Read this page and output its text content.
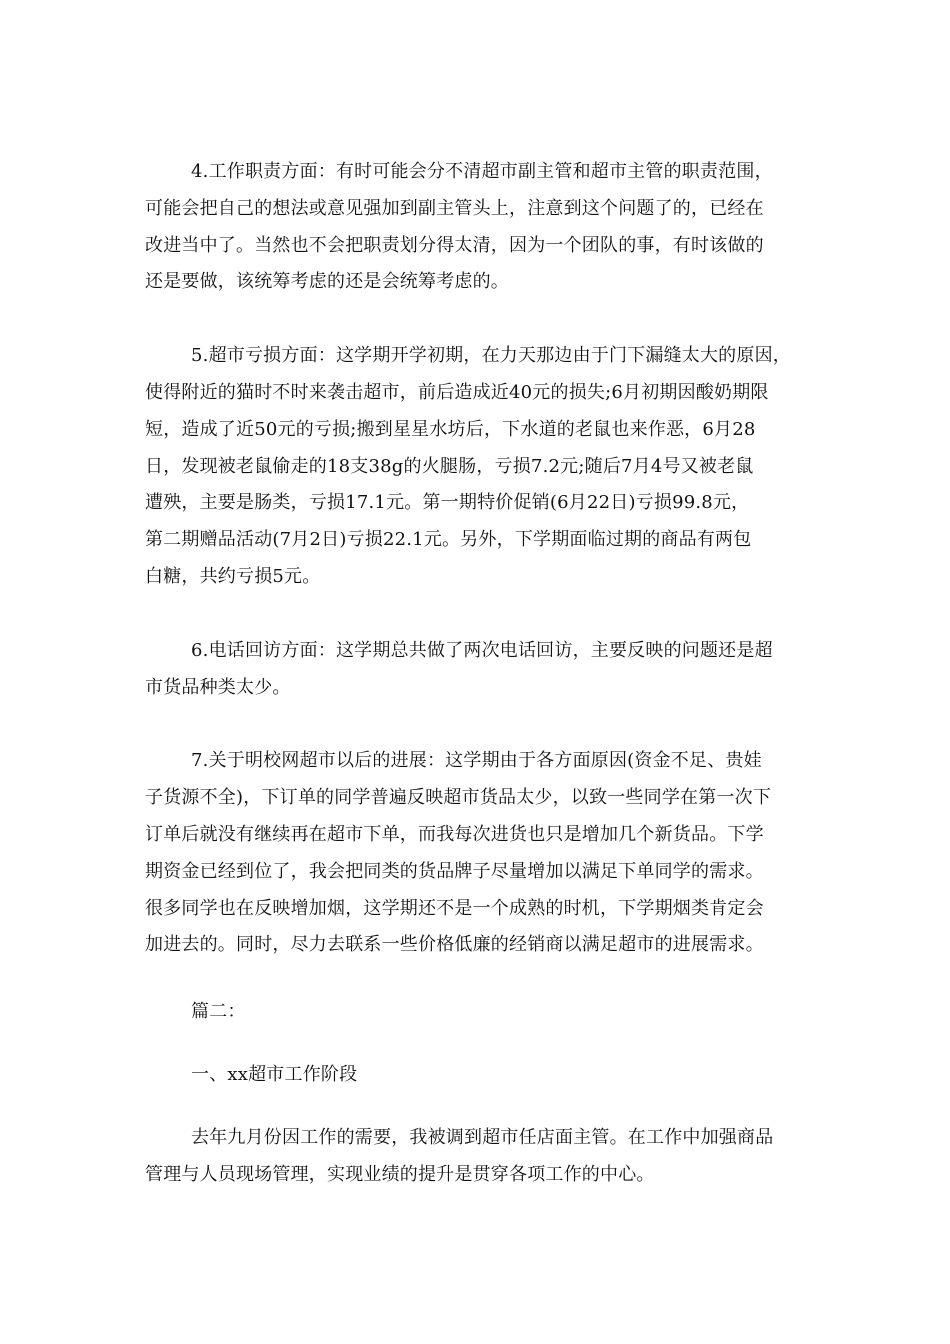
4.工作职责方面：有时可能会分不清超市副主管和超市主管的职责范围，
可能会把自己的想法或意见强加到副主管头上，注意到这个问题了的，已经在
改进当中了。当然也不会把职责划分得太清，因为一个团队的事，有时该做的
还是要做，该统筹考虑的还是会统筹考虑的。

5.超市亏损方面：这学期开学初期，在力天那边由于门下漏缝太大的原因，
使得附近的猫时不时来袭击超市，前后造成近40元的损失;6月初期因酸奶期限
短，造成了近50元的亏损;搬到星星水坊后，下水道的老鼠也来作恶，6月28
日，发现被老鼠偷走的18支38g的火腿肠，亏损7.2元;随后7月4号又被老鼠
遭殃，主要是肠类，亏损17.1元。第一期特价促销(6月22日)亏损99.8元，
第二期赠品活动(7月2日)亏损22.1元。另外，下学期面临过期的商品有两包
白糖，共约亏损5元。

6.电话回访方面：这学期总共做了两次电话回访，主要反映的问题还是超
市货品种类太少。

7.关于明校网超市以后的进展：这学期由于各方面原因(资金不足、贵娃
子货源不全)，下订单的同学普遍反映超市货品太少，以致一些同学在第一次下
订单后就没有继续再在超市下单，而我每次进货也只是增加几个新货品。下学
期资金已经到位了，我会把同类的货品牌子尽量增加以满足下单同学的需求。
很多同学也在反映增加烟，这学期还不是一个成熟的时机，下学期烟类肯定会
加进去的。同时，尽力去联系一些价格低廉的经销商以满足超市的进展需求。

篇二：

一、xx超市工作阶段

去年九月份因工作的需要，我被调到超市任店面主管。在工作中加强商品
管理与人员现场管理，实现业绩的提升是贯穿各项工作的中心。
